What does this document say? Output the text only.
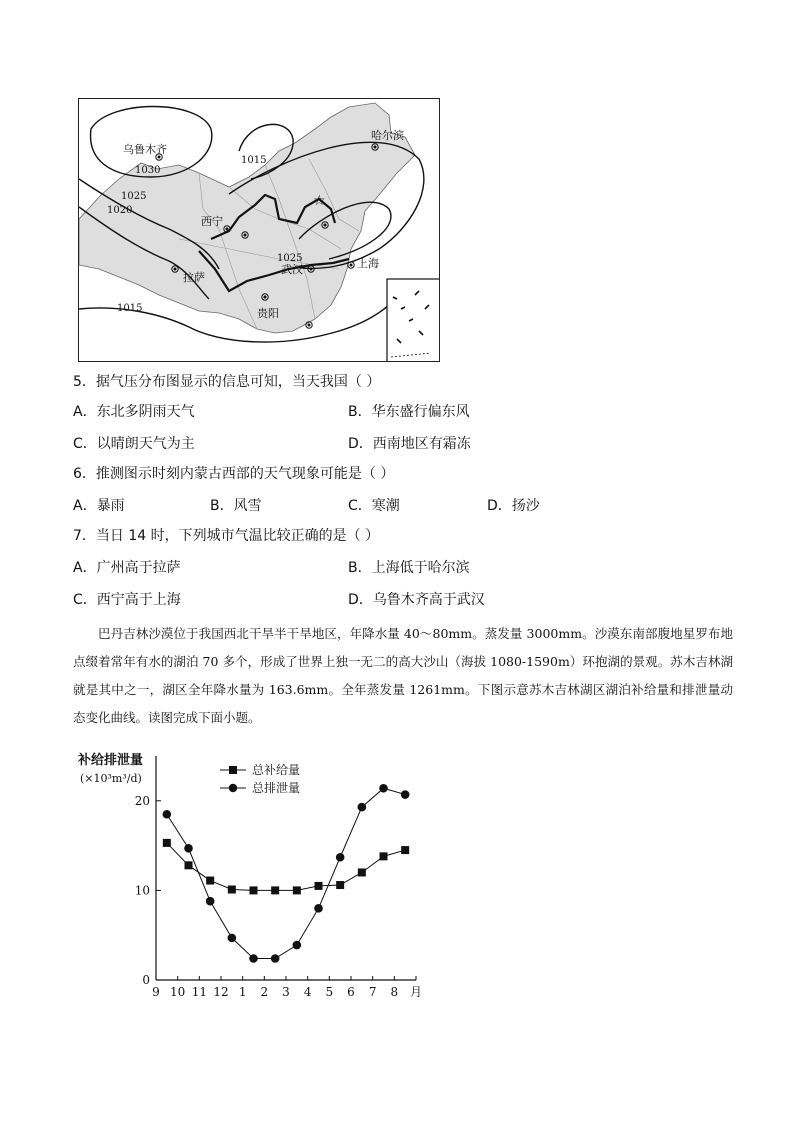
☆
乌鲁木齐
哈尔滨
西宁
拉萨
武汉	上海
贵阳
1030
1015
1025
1020
1025
1015
5．据气压分布图显示的信息可知，当天我国（ ）
A．东北多阴雨天气	B．华东盛行偏东风
C．以晴朗天气为主	D．西南地区有霜冻
6．推测图示时刻内蒙古西部的天气现象可能是（ ）
A．暴雨	B．风雪	C．寒潮	D．扬沙
7．当日 14 时，下列城市气温比较正确的是（ ）
A．广州高于拉萨	B．上海低于哈尔滨
C．西宁高于上海	D．乌鲁木齐高于武汉

巴丹吉林沙漠位于我国西北干旱半干旱地区，年降水量 40～80mm。蒸发量 3000mm。沙漠东南部腹地星罗布地点缀着常年有水的湖泊 70 多个，形成了世界上独一无二的高大沙山（海拔 1080-1590m）环抱湖的景观。苏木吉林湖就是其中之一，湖区全年降水量为 163.6mm。全年蒸发量 1261mm。下图示意苏木吉林湖区湖泊补给量和排泄量动态变化曲线。读图完成下面小题。

补给排泄量
(×10³m³/d)
0
10
20
9 10 11 12 1 2 3 4 5 6 7 8 月
总补给量
总排泄量
